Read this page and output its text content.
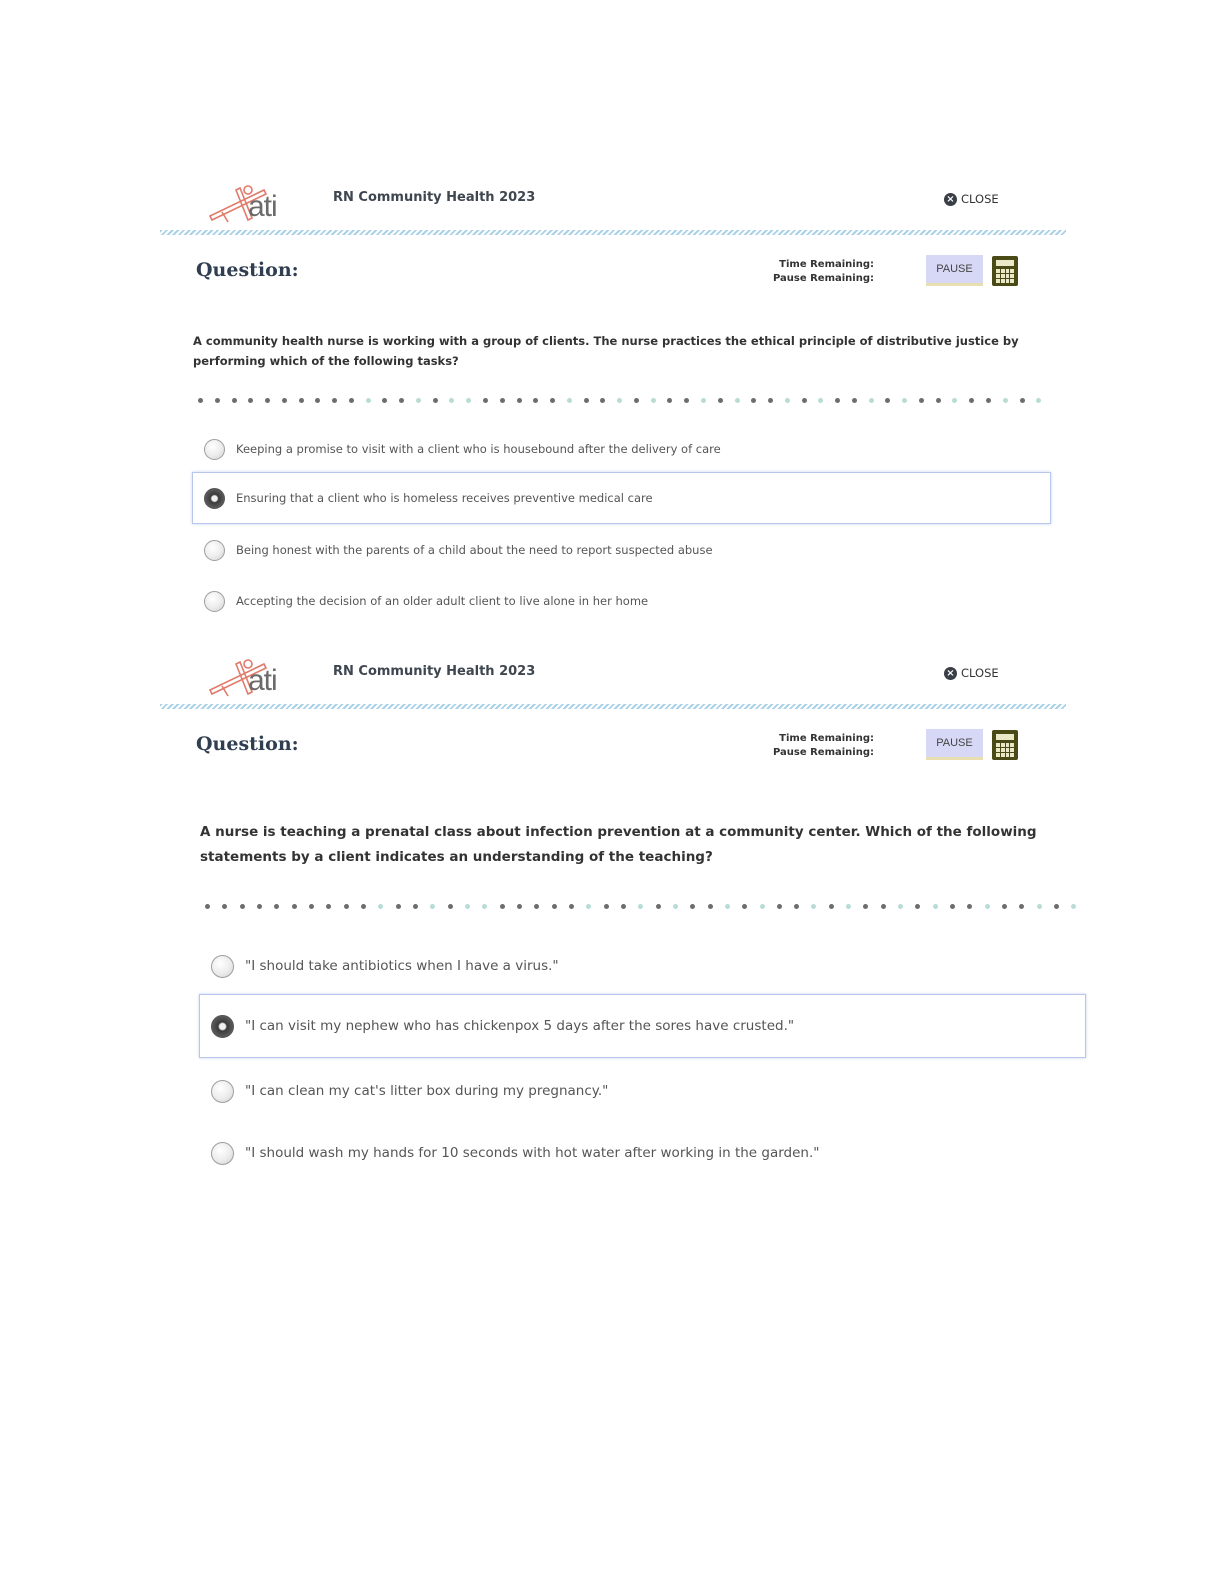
ati	RN Community Health 2023	× CLOSE
Question:	Time Remaining:
Pause Remaining:
PAUSE
A community health nurse is working with a group of clients. The nurse practices the ethical principle of distributive justice by performing which of the following tasks?
Keeping a promise to visit with a client who is housebound after the delivery of care
Ensuring that a client who is homeless receives preventive medical care
Being honest with the parents of a child about the need to report suspected abuse
Accepting the decision of an older adult client to live alone in her home
ati	RN Community Health 2023	× CLOSE
Question:	Time Remaining:
Pause Remaining:
PAUSE
A nurse is teaching a prenatal class about infection prevention at a community center. Which of the following statements by a client indicates an understanding of the teaching?
"I should take antibiotics when I have a virus."
"I can visit my nephew who has chickenpox 5 days after the sores have crusted."
"I can clean my cat's litter box during my pregnancy."
"I should wash my hands for 10 seconds with hot water after working in the garden."
